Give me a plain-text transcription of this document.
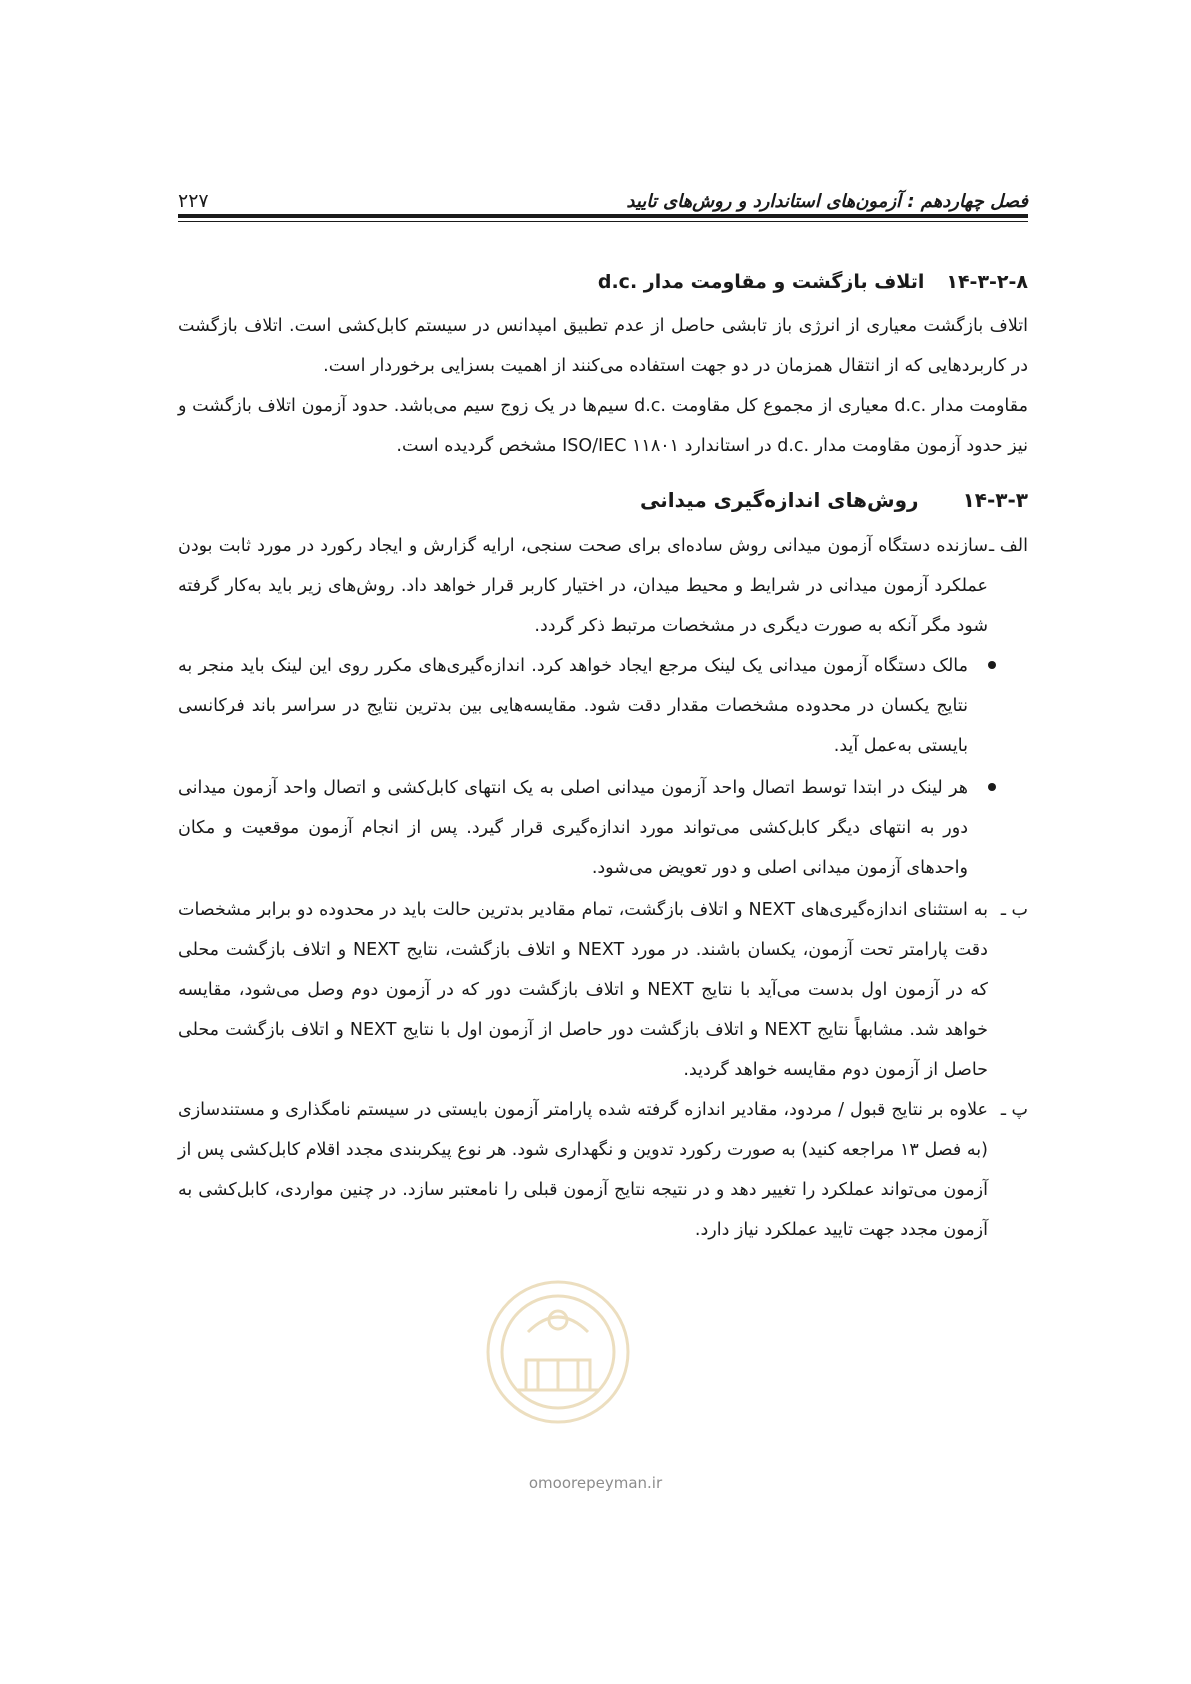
فصل چهاردهم : آزمون‌های استاندارد و روش‌های تایید
۲۲۷
۱۴-۳-۲-۸
اتلاف بازگشت و مقاومت مدار .d.c

اتلاف بازگشت معیاری از انرژی باز تابشی حاصل از عدم تطبیق امپدانس در سیستم کابل‌کشی است. اتلاف بازگشت در کاربردهایی که از انتقال همزمان در دو جهت استفاده می‌کنند از اهمیت بسزایی برخوردار است.

مقاومت مدار .d.c معیاری از مجموع کل مقاومت .d.c سیم‌ها در یک زوج سیم می‌باشد. حدود آزمون اتلاف بازگشت و نیز حدود آزمون مقاومت مدار .d.c در استاندارد ISO/IEC ۱۱۸۰۱ مشخص گردیده است.

۱۴-۳-۳
روش‌های اندازه‌گیری میدانی
الف ـ

سازنده دستگاه آزمون میدانی روش ساده‌ای برای صحت سنجی، ارایه گزارش و ایجاد رکورد در مورد ثابت بودن عملکرد آزمون میدانی در شرایط و محیط میدان، در اختیار کاربر قرار خواهد داد. روش‌های زیر باید به‌کار گرفته شود مگر آنکه به صورت دیگری در مشخصات مرتبط ذکر گردد.

مالک دستگاه آزمون میدانی یک لینک مرجع ایجاد خواهد کرد. اندازه‌گیری‌های مکرر روی این لینک باید منجر به نتایج یکسان در محدوده مشخصات مقدار دقت شود. مقایسه‌هایی بین بدترین نتایج در سراسر باند فرکانسی بایستی به‌عمل آید.

هر لینک در ابتدا توسط اتصال واحد آزمون میدانی اصلی به یک انتهای کابل‌کشی و اتصال واحد آزمون میدانی دور به انتهای دیگر کابل‌کشی می‌تواند مورد اندازه‌گیری قرار گیرد. پس از انجام آزمون موقعیت و مکان واحدهای آزمون میدانی اصلی و دور تعویض می‌شود.

ب ـ

به استثنای اندازه‌گیری‌های NEXT و اتلاف بازگشت، تمام مقادیر بدترین حالت باید در محدوده دو برابر مشخصات دقت پارامتر تحت آزمون، یکسان باشند. در مورد NEXT و اتلاف بازگشت، نتایج NEXT و اتلاف بازگشت محلی که در آزمون اول بدست می‌آید با نتایج NEXT و اتلاف بازگشت دور که در آزمون دوم وصل می‌شود، مقایسه خواهد شد. مشابهاً نتایج NEXT و اتلاف بازگشت دور حاصل از آزمون اول با نتایج NEXT و اتلاف بازگشت محلی حاصل از آزمون دوم مقایسه خواهد گردید.

پ ـ

علاوه بر نتایج قبول / مردود، مقادیر اندازه گرفته شده پارامتر آزمون بایستی در سیستم نامگذاری و مستندسازی (به فصل ۱۳ مراجعه کنید) به صورت رکورد تدوین و نگهداری شود. هر نوع پیکربندی مجدد اقلام کابل‌کشی پس از آزمون می‌تواند عملکرد را تغییر دهد و در نتیجه نتایج آزمون قبلی را نامعتبر سازد. در چنین مواردی، کابل‌کشی به آزمون مجدد جهت تایید عملکرد نیاز دارد.

omoorepeyman.ir
